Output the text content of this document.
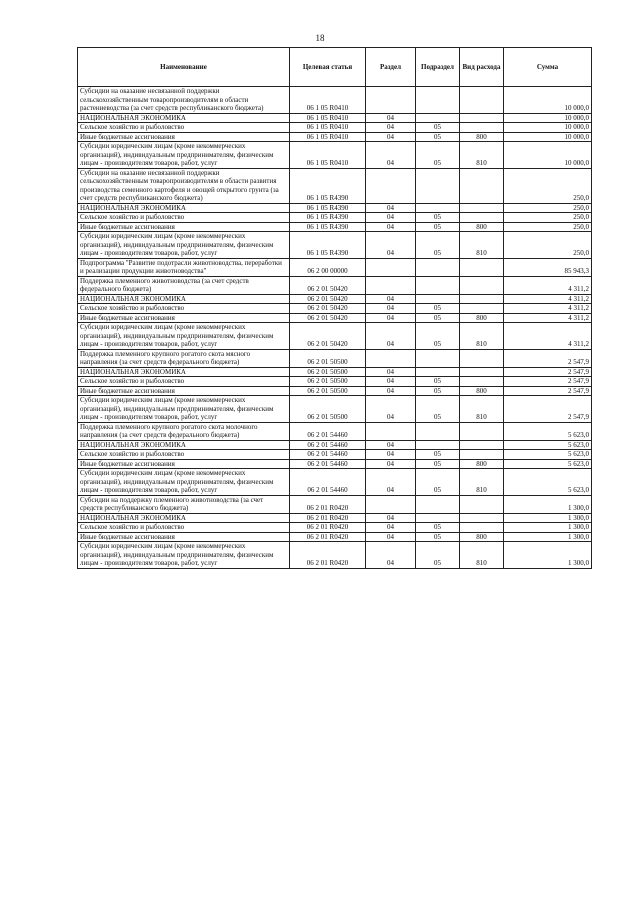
18
Наименование	Целевая статья	Раздел	Подраздел	Вид расхода	Сумма
Субсидии на оказание несвязанной поддержки сельскохозяйственным товаропроизводителям в области растениеводства (за счет средств республиканского бюджета)	06 1 05 R0410				10 000,0
НАЦИОНАЛЬНАЯ ЭКОНОМИКА	06 1 05 R0410	04			10 000,0
Сельское хозяйство и рыболовство	06 1 05 R0410	04	05		10 000,0
Иные бюджетные ассигнования	06 1 05 R0410	04	05	800	10 000,0
Субсидии юридическим лицам (кроме некоммерческих организаций), индивидуальным предпринимателям, физическим лицам - производителям товаров, работ, услуг	06 1 05 R0410	04	05	810	10 000,0
Субсидии на оказание несвязанной поддержки сельскохозяйственным товаропроизводителям в области развития производства семенного картофеля и овощей открытого грунта (за счет средств республиканского бюджета)	06 1 05 R4390				250,0
НАЦИОНАЛЬНАЯ ЭКОНОМИКА	06 1 05 R4390	04			250,0
Сельское хозяйство и рыболовство	06 1 05 R4390	04	05		250,0
Иные бюджетные ассигнования	06 1 05 R4390	04	05	800	250,0
Субсидии юридическим лицам (кроме некоммерческих организаций), индивидуальным предпринимателям, физическим лицам - производителям товаров, работ, услуг	06 1 05 R4390	04	05	810	250,0
Подпрограмма "Развитие подотрасли животноводства, переработки и реализации продукции животноводства"	06 2 00 00000				85 943,3
Поддержка племенного животноводства (за счет средств федерального бюджета)	06 2 01 50420				4 311,2
НАЦИОНАЛЬНАЯ ЭКОНОМИКА	06 2 01 50420	04			4 311,2
Сельское хозяйство и рыболовство	06 2 01 50420	04	05		4 311,2
Иные бюджетные ассигнования	06 2 01 50420	04	05	800	4 311,2
Субсидии юридическим лицам (кроме некоммерческих организаций), индивидуальным предпринимателям, физическим лицам - производителям товаров, работ, услуг	06 2 01 50420	04	05	810	4 311,2
Поддержка племенного крупного рогатого скота мясного направления (за счет средств федерального бюджета)	06 2 01 50500				2 547,9
НАЦИОНАЛЬНАЯ ЭКОНОМИКА	06 2 01 50500	04			2 547,9
Сельское хозяйство и рыболовство	06 2 01 50500	04	05		2 547,9
Иные бюджетные ассигнования	06 2 01 50500	04	05	800	2 547,9
Субсидии юридическим лицам (кроме некоммерческих организаций), индивидуальным предпринимателям, физическим лицам - производителям товаров, работ, услуг	06 2 01 50500	04	05	810	2 547,9
Поддержка племенного крупного рогатого скота молочного направления (за счет средств федерального бюджета)	06 2 01 54460				5 623,0
НАЦИОНАЛЬНАЯ ЭКОНОМИКА	06 2 01 54460	04			5 623,0
Сельское хозяйство и рыболовство	06 2 01 54460	04	05		5 623,0
Иные бюджетные ассигнования	06 2 01 54460	04	05	800	5 623,0
Субсидии юридическим лицам (кроме некоммерческих организаций), индивидуальным предпринимателям, физическим лицам - производителям товаров, работ, услуг	06 2 01 54460	04	05	810	5 623,0
Субсидии на поддержку племенного животноводства (за счет средств республиканского бюджета)	06 2 01 R0420				1 300,0
НАЦИОНАЛЬНАЯ ЭКОНОМИКА	06 2 01 R0420	04			1 300,0
Сельское хозяйство и рыболовство	06 2 01 R0420	04	05		1 300,0
Иные бюджетные ассигнования	06 2 01 R0420	04	05	800	1 300,0
Субсидии юридическим лицам (кроме некоммерческих организаций), индивидуальным предпринимателям, физическим лицам - производителям товаров, работ, услуг	06 2 01 R0420	04	05	810	1 300,0
